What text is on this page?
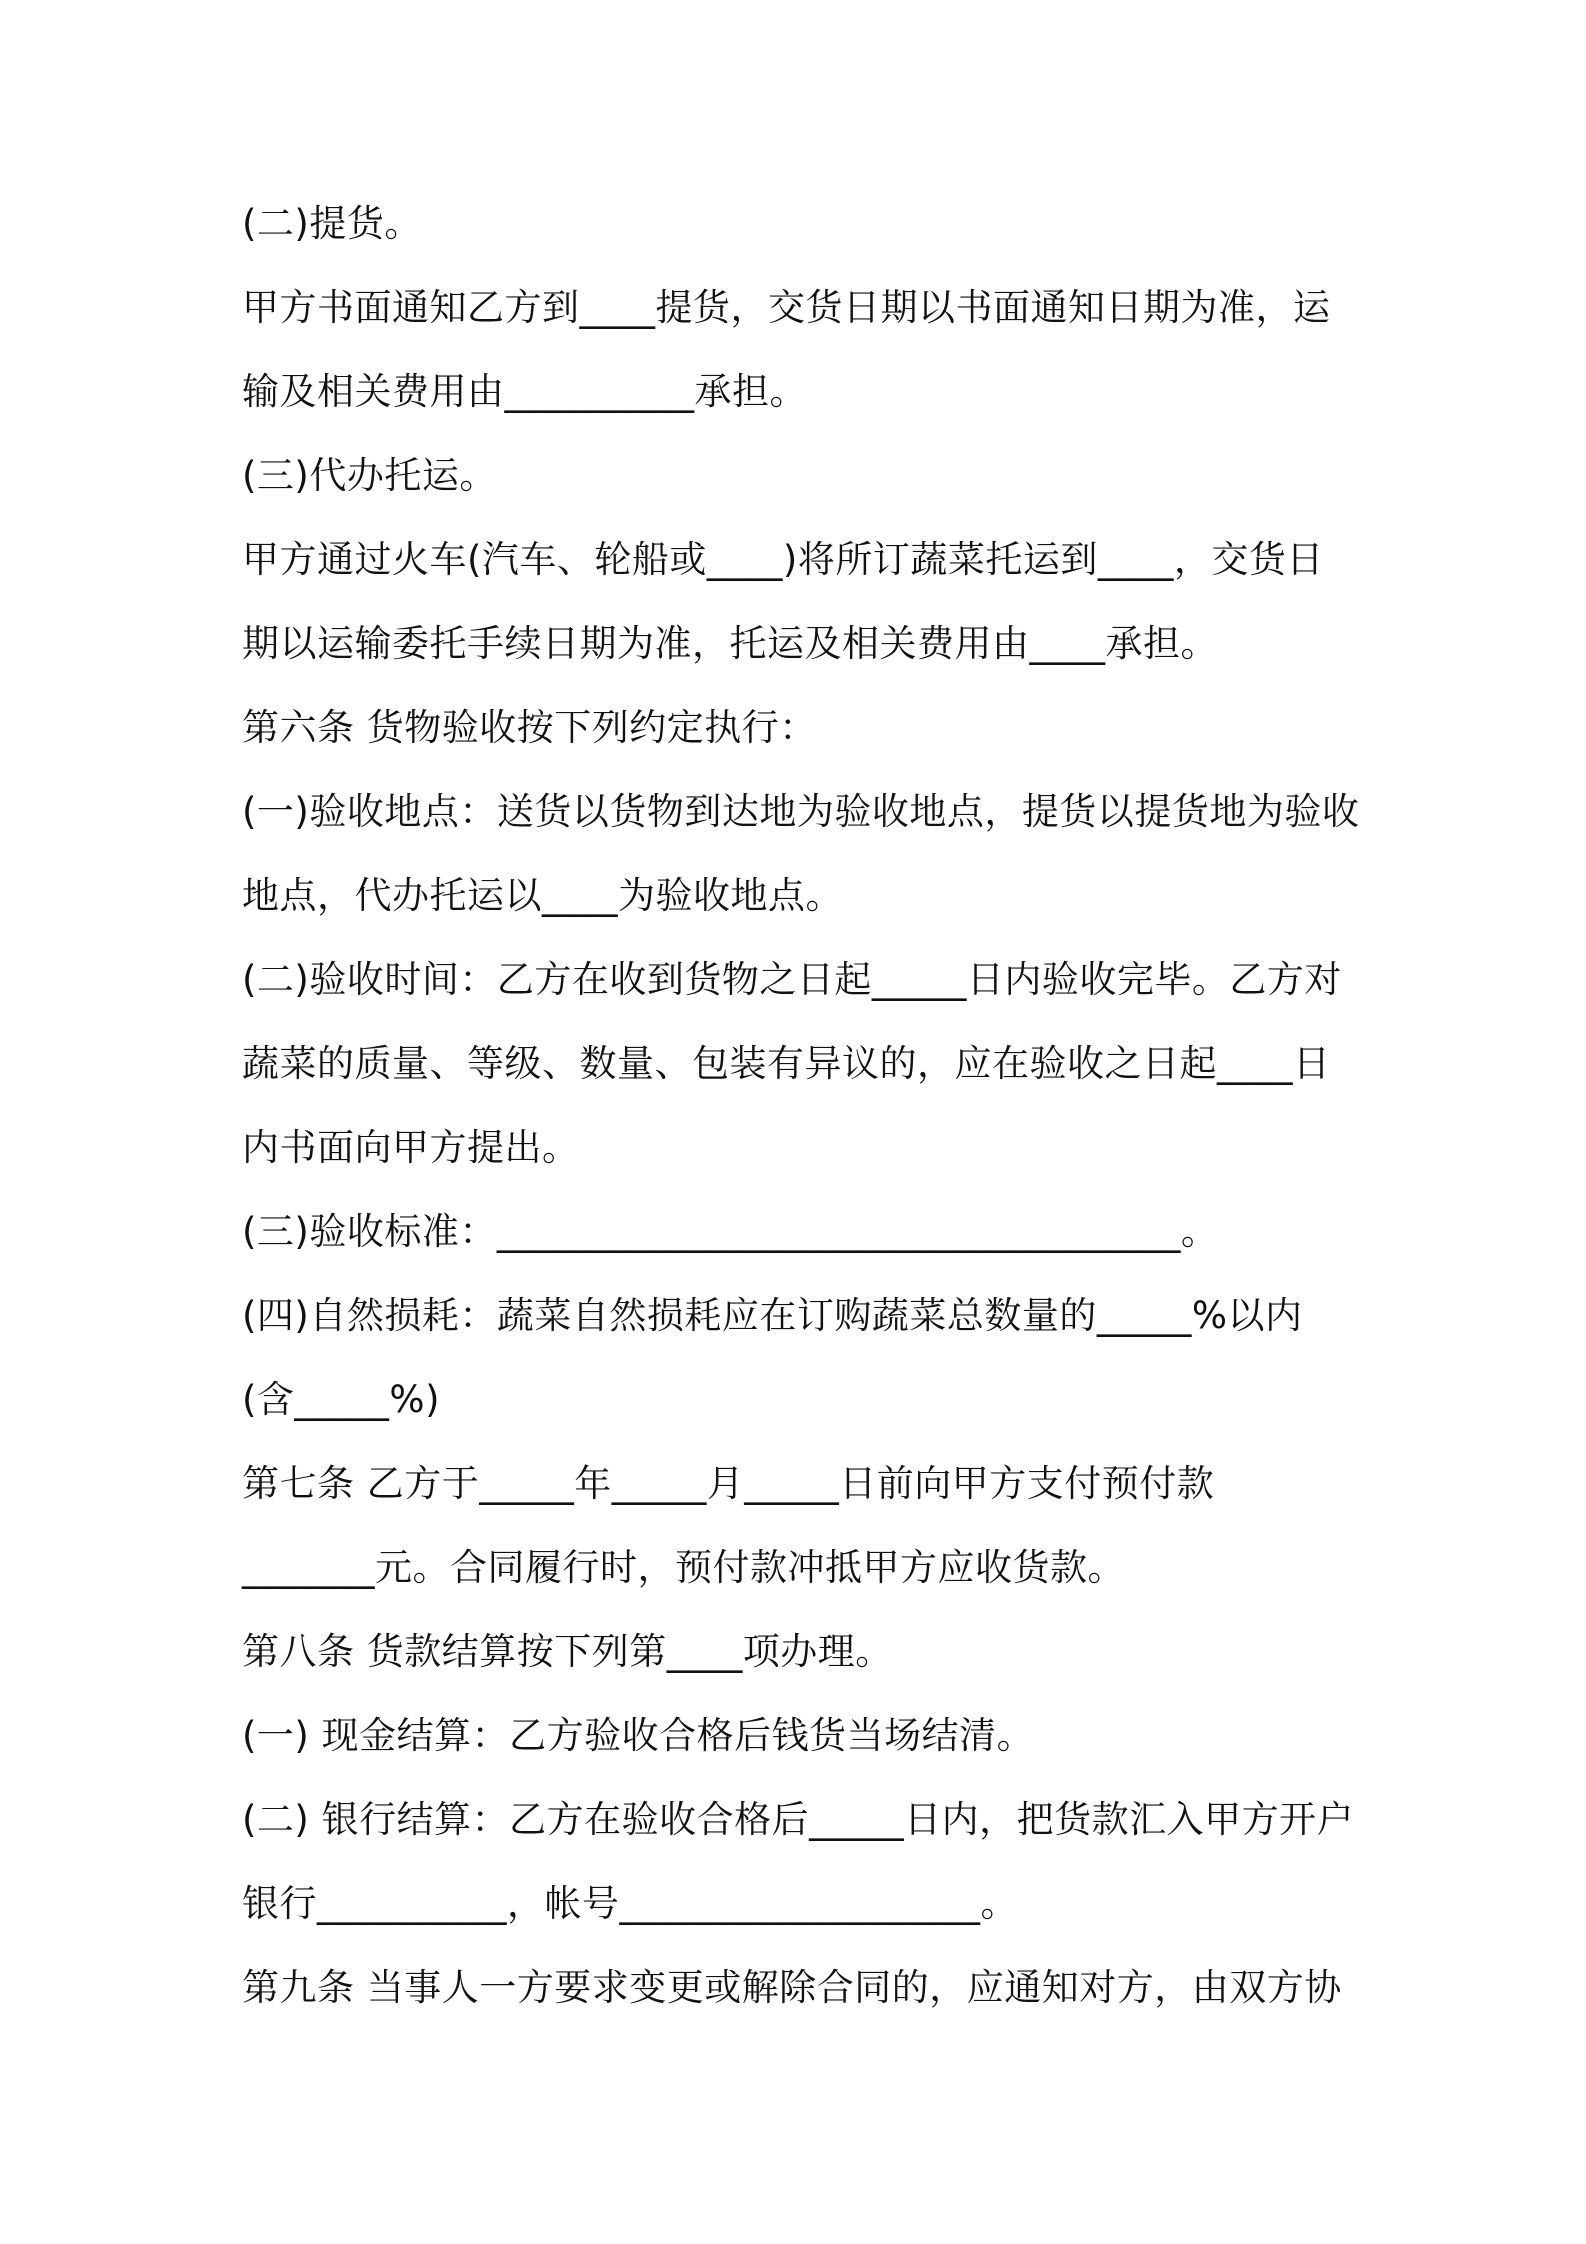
(二)提货。
甲方书面通知乙方到____提货，交货日期以书面通知日期为准，运
输及相关费用由__________承担。
(三)代办托运。
甲方通过火车(汽车、轮船或____)将所订蔬菜托运到____，交货日
期以运输委托手续日期为准，托运及相关费用由____承担。
第六条 货物验收按下列约定执行：
(一)验收地点：送货以货物到达地为验收地点，提货以提货地为验收
地点，代办托运以____为验收地点。
(二)验收时间：乙方在收到货物之日起_____日内验收完毕。乙方对
蔬菜的质量、等级、数量、包装有异议的，应在验收之日起____日
内书面向甲方提出。
(三)验收标准：____________________________________。
(四)自然损耗：蔬菜自然损耗应在订购蔬菜总数量的_____%以内
(含_____%)
第七条 乙方于_____年_____月_____日前向甲方支付预付款
_______元。合同履行时，预付款冲抵甲方应收货款。
第八条 货款结算按下列第____项办理。
(一) 现金结算：乙方验收合格后钱货当场结清。
(二) 银行结算：乙方在验收合格后_____日内，把货款汇入甲方开户
银行__________，帐号___________________。
第九条 当事人一方要求变更或解除合同的，应通知对方，由双方协
